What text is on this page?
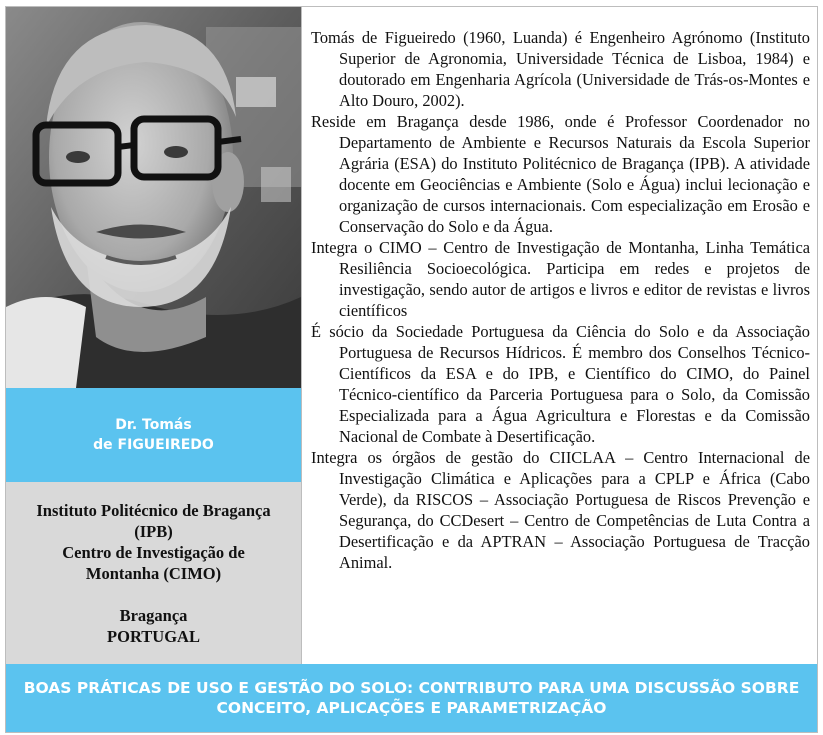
Dr. Tomás
de FIGUEIREDO
Instituto Politécnico de Bragança
(IPB)
Centro de Investigação de
Montanha (CIMO)
Bragança
PORTUGAL

Tomás de Figueiredo (1960, Luanda) é Engenheiro Agrónomo (Instituto Superior de Agronomia, Universidade Técnica de Lisboa, 1984) e doutorado em Engenharia Agrícola (Universidade de Trás-os-Montes e Alto Douro, 2002).

Reside em Bragança desde 1986, onde é Professor Coordenador no Departamento de Ambiente e Recursos Naturais da Escola Superior Agrária (ESA) do Instituto Politécnico de Bragança (IPB). A atividade docente em Geociências e Ambiente (Solo e Água) inclui lecionação e organização de cursos internacionais. Com especialização em Erosão e Conservação do Solo e da Água.

Integra o CIMO – Centro de Investigação de Montanha, Linha Temática Resiliência Socioecológica. Participa em redes e projetos de investigação, sendo autor de artigos e livros e editor de revistas e livros científicos

É sócio da Sociedade Portuguesa da Ciência do Solo e da Associação Portuguesa de Recursos Hídricos. É membro dos Conselhos Técnico-Científicos da ESA e do IPB, e Científico do CIMO, do Painel Técnico-científico da Parceria Portuguesa para o Solo, da Comissão Especializada para a Água Agricultura e Florestas e da Comissão Nacional de Combate à Desertificação.

Integra os órgãos de gestão do CIICLAA – Centro Internacional de Investigação Climática e Aplicações para a CPLP e África (Cabo Verde), da RISCOS – Associação Portuguesa de Riscos Prevenção e Segurança, do CCDesert – Centro de Competências de Luta Contra a Desertificação e da APTRAN – Associação Portuguesa de Tracção Animal.

BOAS PRÁTICAS DE USO E GESTÃO DO SOLO: CONTRIBUTO PARA UMA DISCUSSÃO SOBRE CONCEITO, APLICAÇÕES E PARAMETRIZAÇÃO
